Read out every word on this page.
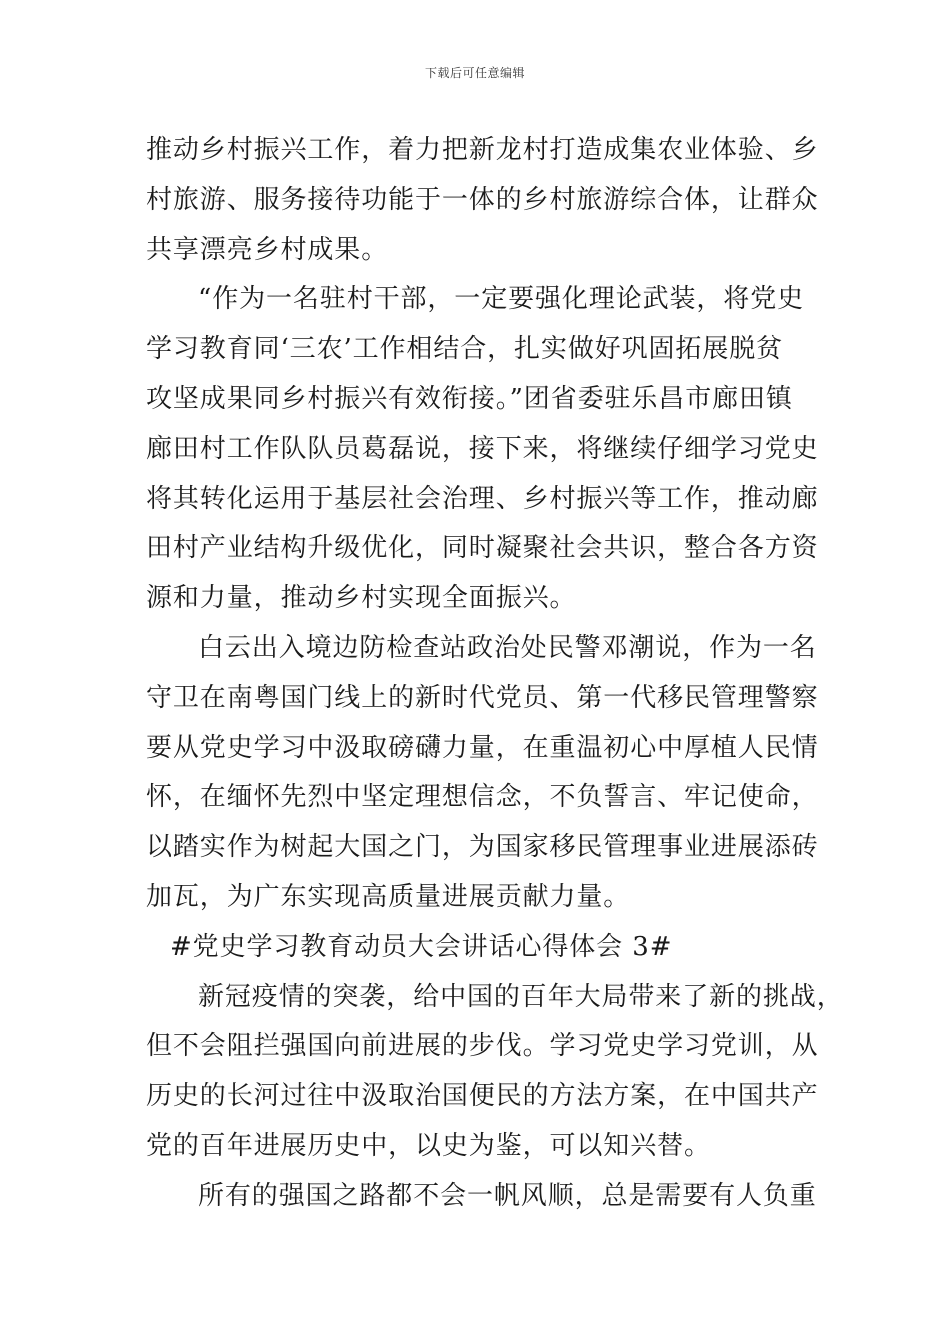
下载后可任意编辑
推动乡村振兴工作，着力把新龙村打造成集农业体验、乡
村旅游、服务接待功能于一体的乡村旅游综合体，让群众
共享漂亮乡村成果。
“作为一名驻村干部，一定要强化理论武装，将党史
学习教育同‘三农’工作相结合，扎实做好巩固拓展脱贫
攻坚成果同乡村振兴有效衔接。”团省委驻乐昌市廊田镇
廊田村工作队队员葛磊说，接下来，将继续仔细学习党史
将其转化运用于基层社会治理、乡村振兴等工作，推动廊
田村产业结构升级优化，同时凝聚社会共识，整合各方资
源和力量，推动乡村实现全面振兴。
白云出入境边防检查站政治处民警邓潮说，作为一名
守卫在南粤国门线上的新时代党员、第一代移民管理警察
要从党史学习中汲取磅礴力量，在重温初心中厚植人民情
怀，在缅怀先烈中坚定理想信念，不负誓言、牢记使命，
以踏实作为树起大国之门，为国家移民管理事业进展添砖
加瓦，为广东实现高质量进展贡献力量。
#党史学习教育动员大会讲话心得体会 3#
新冠疫情的突袭，给中国的百年大局带来了新的挑战，
但不会阻拦强国向前进展的步伐。学习党史学习党训，从
历史的长河过往中汲取治国便民的方法方案，在中国共产
党的百年进展历史中，以史为鉴，可以知兴替。
所有的强国之路都不会一帆风顺，总是需要有人负重
